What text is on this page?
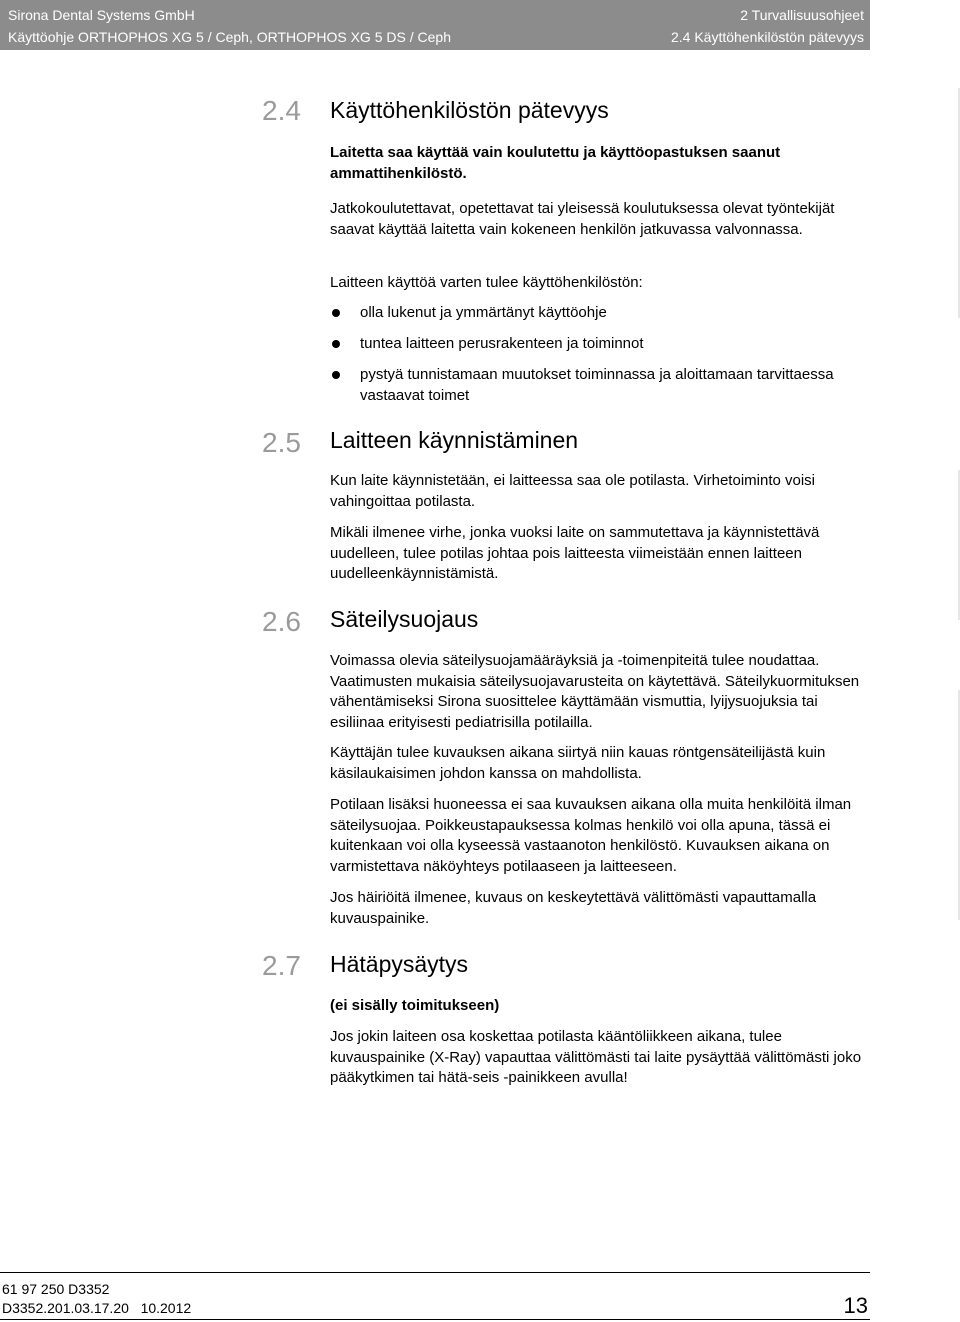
Sirona Dental Systems GmbH
Käyttöohje ORTHOPHOS XG 5 / Ceph, ORTHOPHOS XG 5 DS / Ceph
2 Turvallisuusohjeet
2.4 Käyttöhenkilöstön pätevyys
2.4 Käyttöhenkilöstön pätevyys

Laitetta saa käyttää vain koulutettu ja käyttöopastuksen saanut ammattihenkilöstö.

Jatkokoulutettavat, opetettavat tai yleisessä koulutuksessa olevat työntekijät saavat käyttää laitetta vain kokeneen henkilön jatkuvassa valvonnassa.

Laitteen käyttöä varten tulee käyttöhenkilöstön:

olla lukenut ja ymmärtänyt käyttöohje
tuntea laitteen perusrakenteen ja toiminnot
pystyä tunnistamaan muutokset toiminnassa ja aloittamaan tarvittaessa vastaavat toimet
2.5 Laitteen käynnistäminen

Kun laite käynnistetään, ei laitteessa saa ole potilasta. Virhetoiminto voisi vahingoittaa potilasta.

Mikäli ilmenee virhe, jonka vuoksi laite on sammutettava ja käynnistettävä uudelleen, tulee potilas johtaa pois laitteesta viimeistään ennen laitteen uudelleenkäynnistämistä.

2.6 Säteilysuojaus

Voimassa olevia säteilysuojamääräyksiä ja -toimenpiteitä tulee noudattaa. Vaatimusten mukaisia säteilysuojavarusteita on käytettävä. Säteilykuormituksen vähentämiseksi Sirona suosittelee käyttämään vismuttia, lyijysuojuksia tai esiliinaa erityisesti pediatrisilla potilailla.

Käyttäjän tulee kuvauksen aikana siirtyä niin kauas röntgensäteilijästä kuin käsilaukaisimen johdon kanssa on mahdollista.

Potilaan lisäksi huoneessa ei saa kuvauksen aikana olla muita henkilöitä ilman säteilysuojaa. Poikkeustapauksessa kolmas henkilö voi olla apuna, tässä ei kuitenkaan voi olla kyseessä vastaanoton henkilöstö. Kuvauksen aikana on varmistettava näköyhteys potilaaseen ja laitteeseen.

Jos häiriöitä ilmenee, kuvaus on keskeytettävä välittömästi vapauttamalla kuvauspainike.

2.7 Hätäpysäytys

(ei sisälly toimitukseen)

Jos jokin laiteen osa koskettaa potilasta kääntöliikkeen aikana, tulee kuvauspainike (X-Ray) vapauttaa välittömästi tai laite pysäyttää välittömästi joko pääkytkimen tai hätä-seis -painikkeen avulla!

61 97 250 D3352
D3352.201.03.17.20 10.2012	13
